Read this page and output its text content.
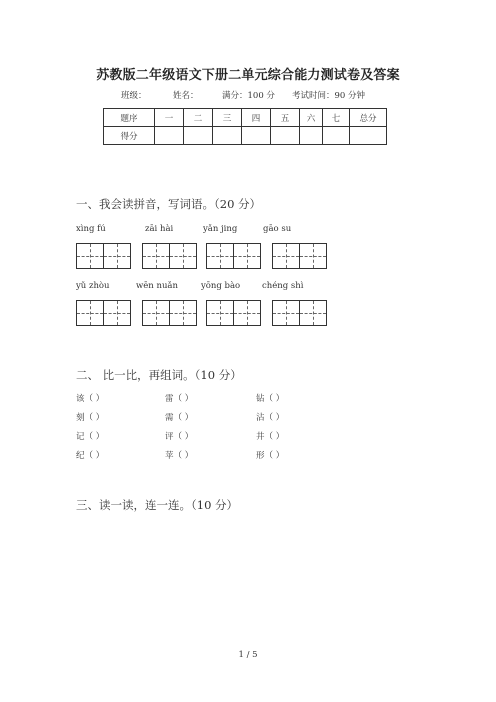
苏教版二年级语文下册二单元综合能力测试卷及答案
班级：	姓名：	满分：100 分 考试时间：90 分钟
题序	一	二	三	四	五	六	七	总分
得分								
一、我会读拼音，写词语。（20 分）
xìng fú	zāi hài	yǎn jing	gāo su
yǔ zhòu	wēn nuǎn	yōng bào	chéng shì
二、 比一比，再组词。（10 分）
该（ ）	雷（ ）	钻（ ）
刻（ ）	需（ ）	沾（ ）
记（ ）	评（ ）	井（ ）
纪（ ）	苹（ ）	形（ ）
三、读一读，连一连。（10 分）
1 / 5
